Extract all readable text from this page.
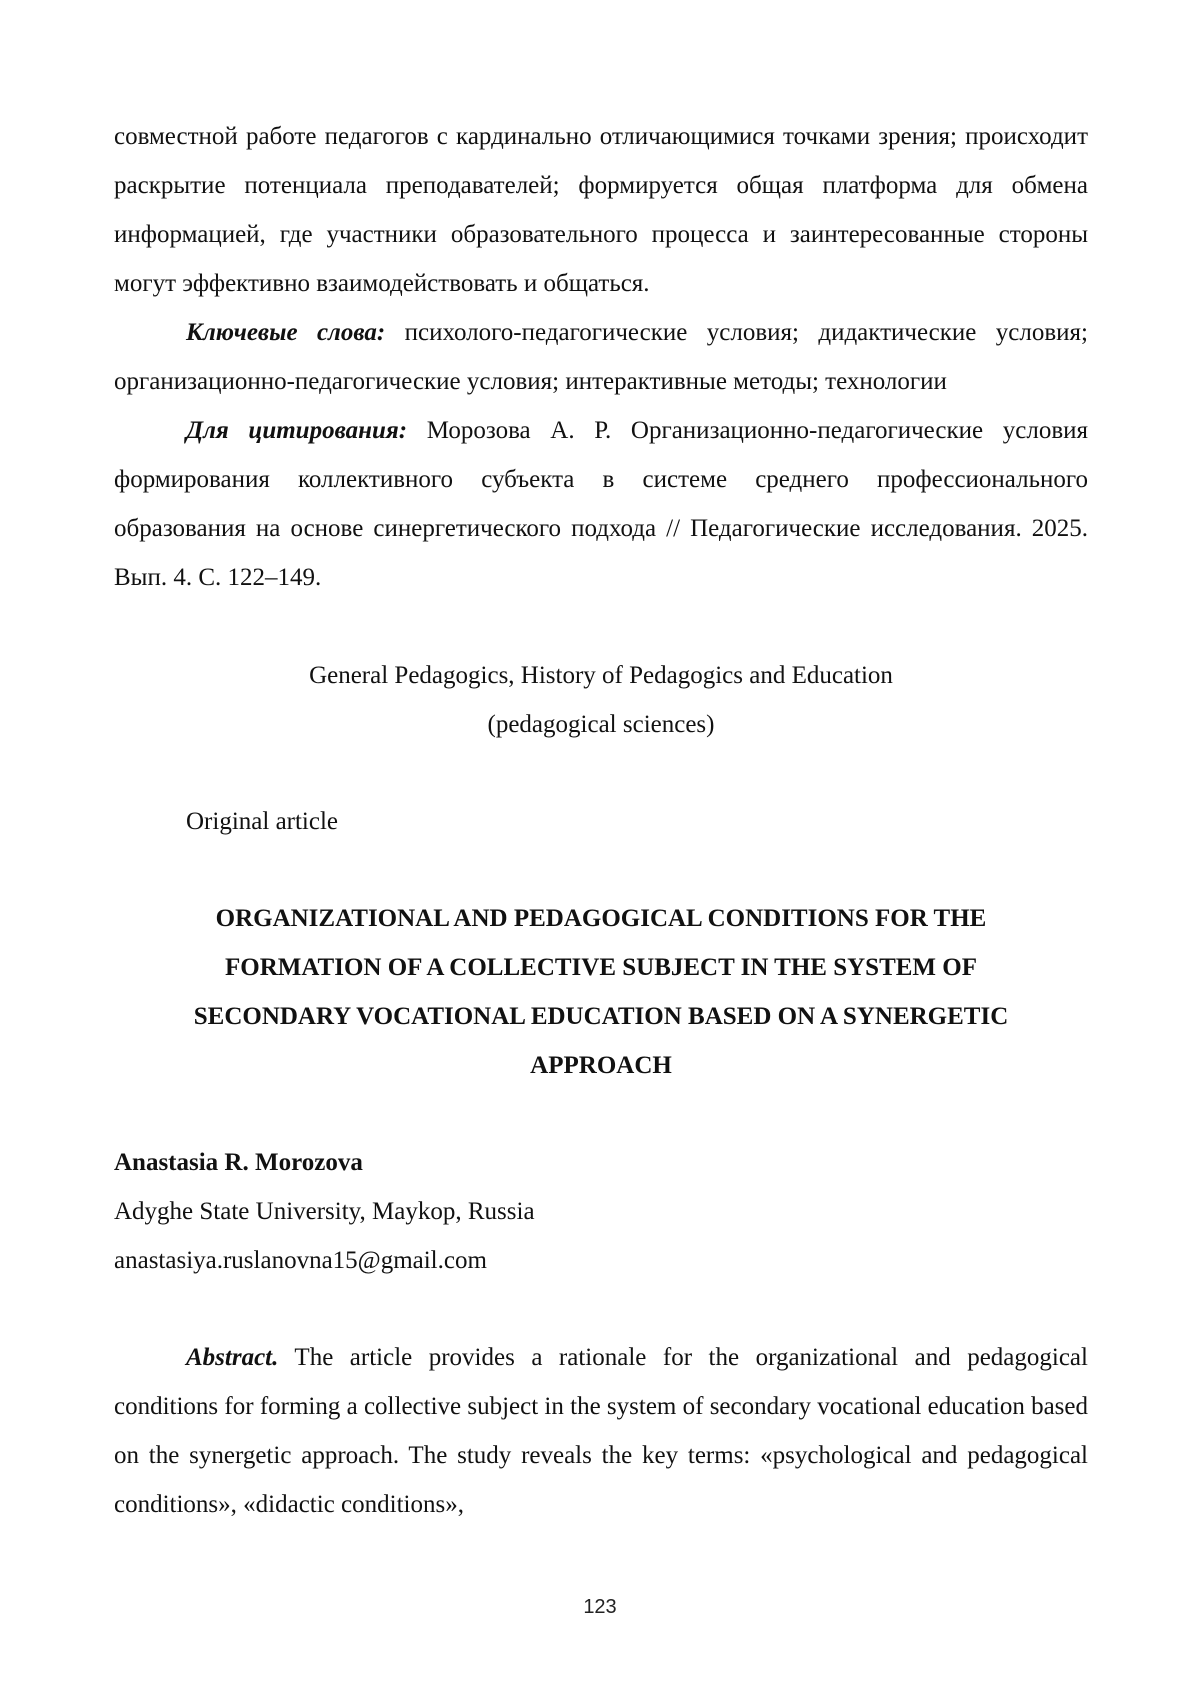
совместной работе педагогов с кардинально отличающимися точками зрения; происходит раскрытие потенциала преподавателей; формируется общая платформа для обмена информацией, где участники образовательного процесса и заинтересованные стороны могут эффективно взаимодействовать и общаться.

Ключевые слова: психолого-педагогические условия; дидактические условия; организационно-педагогические условия; интерактивные методы; технологии

Для цитирования: Морозова А. Р. Организационно-педагогические условия формирования коллективного субъекта в системе среднего профессионального образования на основе синергетического подхода // Педагогические исследования. 2025. Вып. 4. С. 122–149.

General Pedagogics, History of Pedagogics and Education

(pedagogical sciences)

Original article

ORGANIZATIONAL AND PEDAGOGICAL CONDITIONS FOR THE
FORMATION OF A COLLECTIVE SUBJECT IN THE SYSTEM OF
SECONDARY VOCATIONAL EDUCATION BASED ON A SYNERGETIC
APPROACH
Anastasia R. Morozova
Adyghe State University, Maykop, Russia
anastasiya.ruslanovna15@gmail.com

Abstract. The article provides a rationale for the organizational and pedagogical conditions for forming a collective subject in the system of secondary vocational education based on the synergetic approach. The study reveals the key terms: «psychological and pedagogical conditions», «didactic conditions»,

123
